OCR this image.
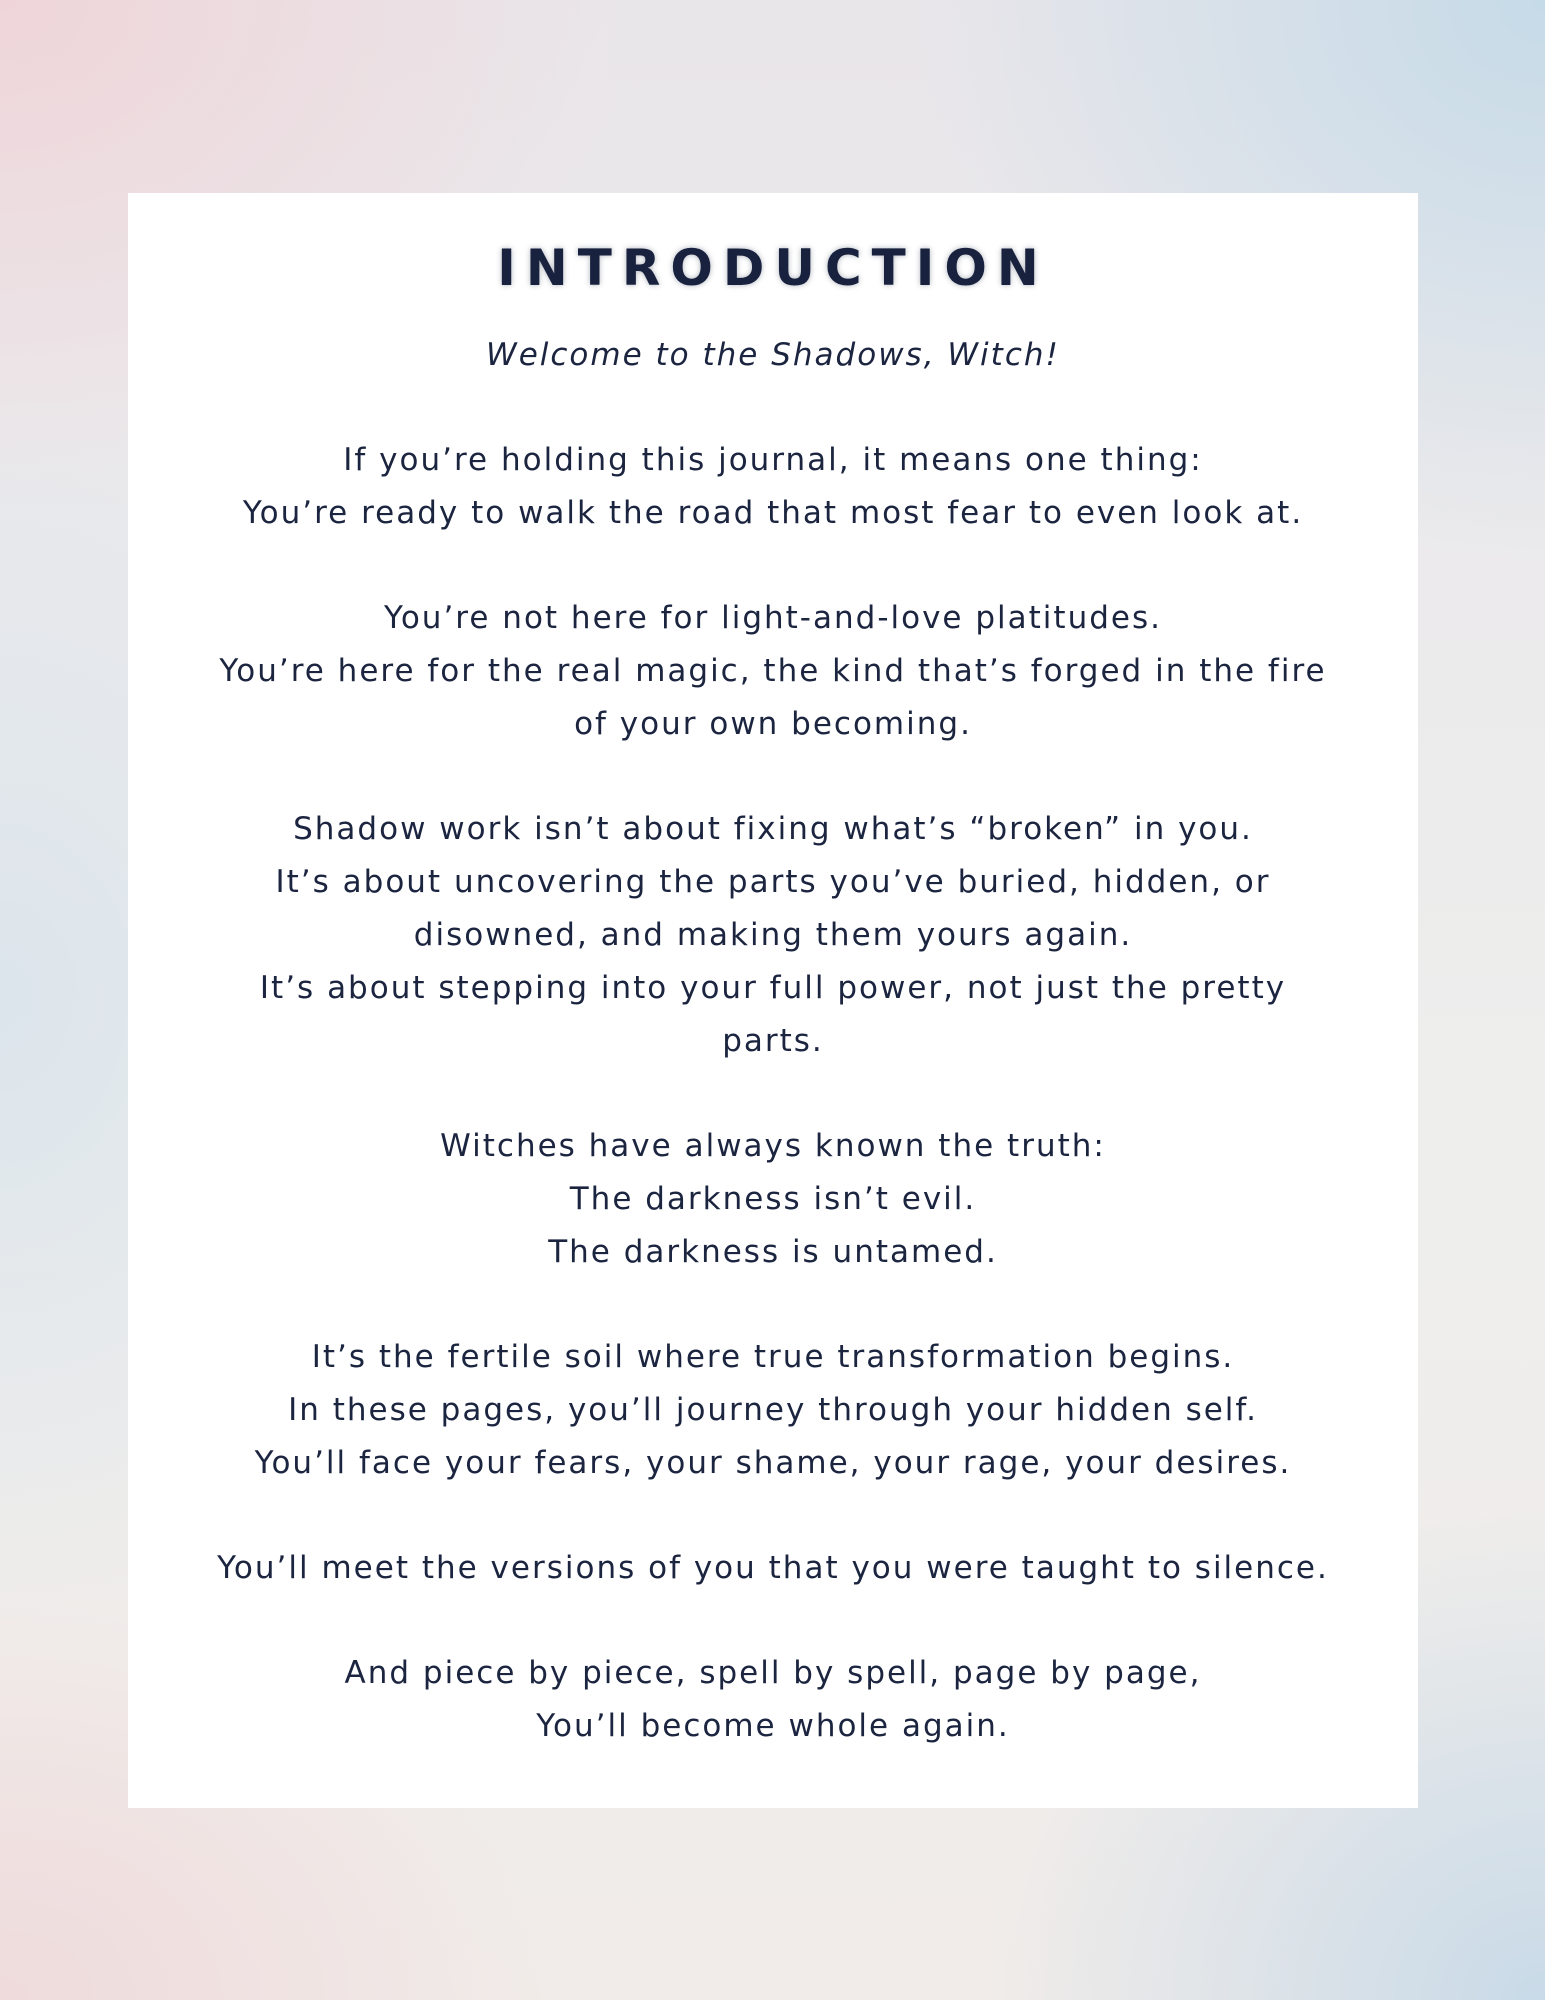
INTRODUCTION
Welcome to the Shadows, Witch!
If you’re holding this journal, it means one thing:
You’re ready to walk the road that most fear to even look at.
You’re not here for light-and-love platitudes.
You’re here for the real magic, the kind that’s forged in the fire
of your own becoming.
Shadow work isn’t about fixing what’s “broken” in you.
It’s about uncovering the parts you’ve buried, hidden, or
disowned, and making them yours again.
It’s about stepping into your full power, not just the pretty
parts.
Witches have always known the truth:
The darkness isn’t evil.
The darkness is untamed.
It’s the fertile soil where true transformation begins.
In these pages, you’ll journey through your hidden self.
You’ll face your fears, your shame, your rage, your desires.
You’ll meet the versions of you that you were taught to silence.
And piece by piece, spell by spell, page by page,
You’ll become whole again.
